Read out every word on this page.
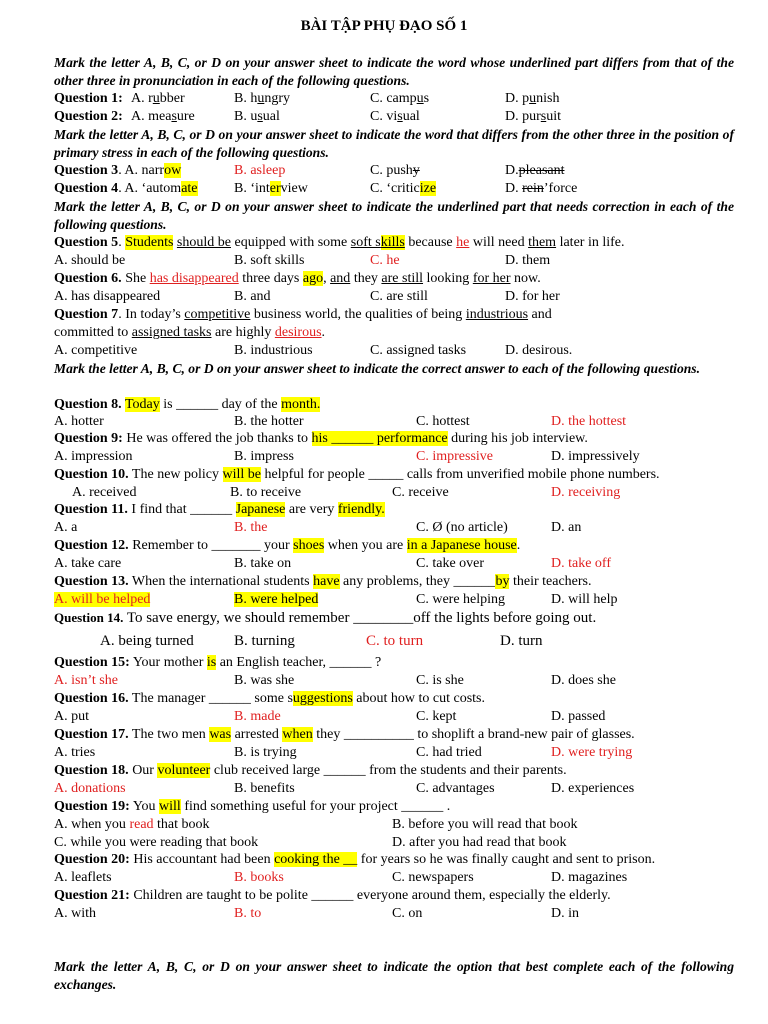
BÀI TẬP PHỤ ĐẠO SỐ 1
Mark the letter A, B, C, or D on your answer sheet to indicate the word whose underlined part differs from that of the other three in pronunciation in each of the following questions.
Question 1: A. rubber	B. hungry	C. campus	D. punish
Question 2: A. measure	B. usual	C. visual	D. pursuit
Mark the letter A, B, C, or D on your answer sheet to indicate the word that differs from the other three in the position of primary stress in each of the following questions.
Question 3. A. narrow	B. asleep	C. pushy	D.pleasant
Question 4. A. ‘automate	B. ‘interview	C. ‘criticize	D. rein’force
Mark the letter A, B, C, or D on your answer sheet to indicate the underlined part that needs correction in each of the following questions.
Question 5. Students should be equipped with some soft skills because he will need them later in life.
A. should be	B. soft skills	C. he	D. them
Question 6. She has disappeared three days ago, and they are still looking for her now.
A. has disappeared	B. and	C. are still	D. for her
Question 7. In today’s competitive business world, the qualities of being industrious and
committed to assigned tasks are highly desirous.
A. competitive	B. industrious	C. assigned tasks	D. desirous.
Mark the letter A, B, C, or D on your answer sheet to indicate the correct answer to each of the following questions.
Question 8. Today is ______ day of the month.
A. hotter	B. the hotter	C. hottest	D. the hottest
Question 9: He was offered the job thanks to his ______ performance during his job interview.
A. impression	B. impress	C. impressive	D. impressively
Question 10. The new policy will be helpful for people _____ calls from unverified mobile phone numbers.
A. received	B. to receive	C. receive	D. receiving
Question 11. I find that ______ Japanese are very friendly.
A. a	B. the	C. Ø (no article)	D. an
Question 12. Remember to _______ your shoes when you are in a Japanese house.
A. take care	B. take on	C. take over	D. take off
Question 13. When the international students have any problems, they ______by their teachers.
A. will be helped	B. were helped	C. were helping	D. will help
Question 14. To save energy, we should remember ________off the lights before going out.
A. being turned	B. turning	C. to turn	D. turn
Question 15: Your mother is an English teacher, ______ ?
A. isn’t she	B. was she	C. is she	D. does she
Question 16. The manager ______ some suggestions about how to cut costs.
A. put	B. made	C. kept	D. passed
Question 17. The two men was arrested when they __________ to shoplift a brand-new pair of glasses.
A. tries	B. is trying	C. had tried	D. were trying
Question 18. Our volunteer club received large ______ from the students and their parents.
A. donations	B. benefits	C. advantages	D. experiences
Question 19: You will find something useful for your project ______ .
A. when you read that book	B. before you will read that book
C. while you were reading that book	D. after you had read that book
Question 20: His accountant had been cooking the __ for years so he was finally caught and sent to prison.
A. leaflets	B. books	C. newspapers	D. magazines
Question 21: Children are taught to be polite ______ everyone around them, especially the elderly.
A. with	B. to	C. on	D. in
Mark the letter A, B, C, or D on your answer sheet to indicate the option that best complete each of the following exchanges.
